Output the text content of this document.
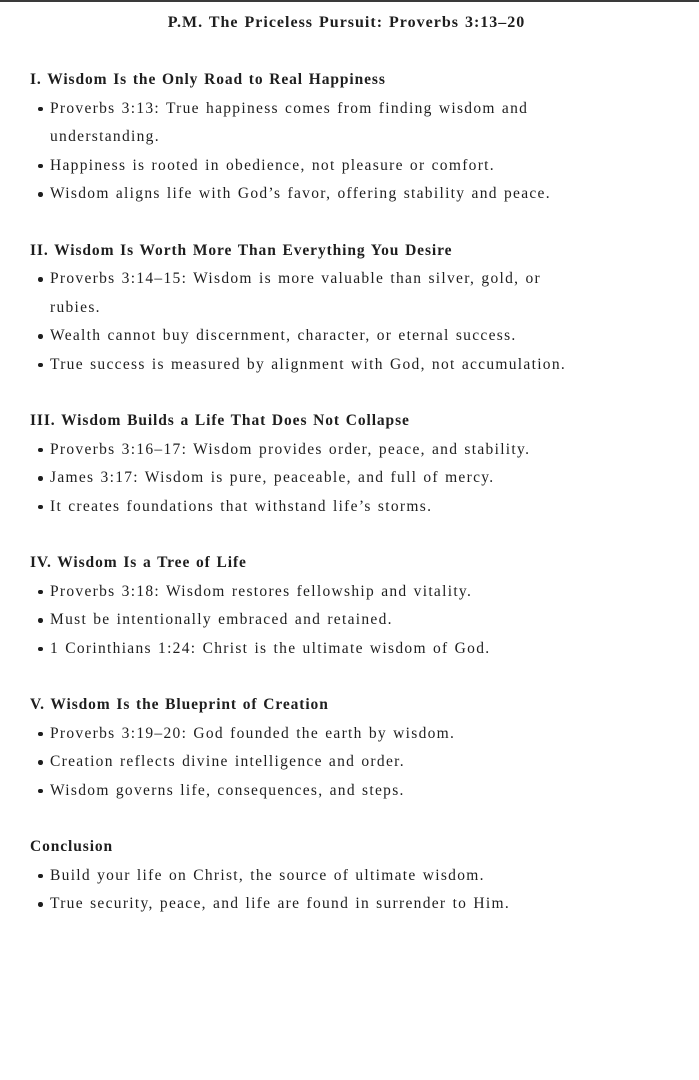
P.M. The Priceless Pursuit: Proverbs 3:13–20
I. Wisdom Is the Only Road to Real Happiness
Proverbs 3:13: True happiness comes from finding wisdom and
understanding.
Happiness is rooted in obedience, not pleasure or comfort.
Wisdom aligns life with God’s favor, offering stability and peace.
II. Wisdom Is Worth More Than Everything You Desire
Proverbs 3:14–15: Wisdom is more valuable than silver, gold, or
rubies.
Wealth cannot buy discernment, character, or eternal success.
True success is measured by alignment with God, not accumulation.
III. Wisdom Builds a Life That Does Not Collapse
Proverbs 3:16–17: Wisdom provides order, peace, and stability.
James 3:17: Wisdom is pure, peaceable, and full of mercy.
It creates foundations that withstand life’s storms.
IV. Wisdom Is a Tree of Life
Proverbs 3:18: Wisdom restores fellowship and vitality.
Must be intentionally embraced and retained.
1 Corinthians 1:24: Christ is the ultimate wisdom of God.
V. Wisdom Is the Blueprint of Creation
Proverbs 3:19–20: God founded the earth by wisdom.
Creation reflects divine intelligence and order.
Wisdom governs life, consequences, and steps.
Conclusion
Build your life on Christ, the source of ultimate wisdom.
True security, peace, and life are found in surrender to Him.
